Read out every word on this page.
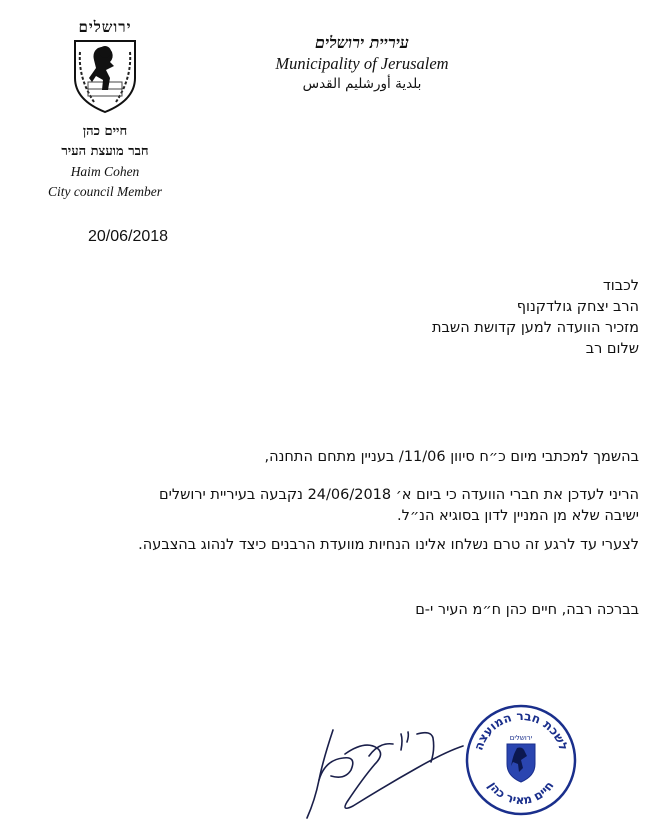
ירושלים
חיים כהן
חבר מועצת העיר
Haim Cohen
City council Member
עיריית ירושלים
Municipality of Jerusalem
بلدية أورشليم القدس
20/06/2018
לכבוד
הרב יצחק גולדקנוף
מזכיר הוועדה למען קדושת השבת
שלום רב
בהשמך למכתבי מיום כ״ח סיוון 11/06/ בעניין מתחם התחנה,
הריני לעדכן את חברי הוועדה כי ביום א׳ 24/06/2018 נקבעה בעיריית ירושלים
ישיבה שלא מן המניין לדון בסוגיא הנ״ל.
לצערי עד לרגע זה טרם נשלחו אלינו הנחיות מוועדת הרבנים כיצד לנהוג בהצבעה.
בברכה רבה, חיים כהן ח״מ העיר י-ם
לשכת חבר המועצה
חיים מאיר כהן
ירושלים
